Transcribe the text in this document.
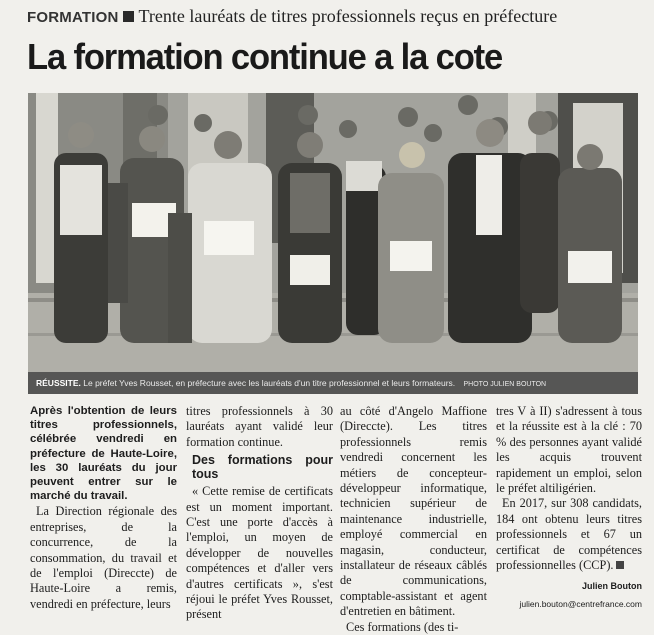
FORMATION Trente lauréats de titres professionnels reçus en préfecture
La formation continue a la cote
RÉUSSITE. Le préfet Yves Rousset, en préfecture avec les lauréats d'un titre professionnel et leurs formateurs. PHOTO JULIEN BOUTON

Après l'obtention de leurs titres professionnels, célébrée vendredi en préfecture de Haute-Loire, les 30 lauréats du jour peuvent entrer sur le marché du travail.

La Direction régionale des entreprises, de la concurrence, de la consommation, du travail et de l'emploi (Direccte) de Haute-Loire a remis, vendredi en préfecture, leurs

titres professionnels à 30 lauréats ayant validé leur formation continue.

Des formations pour tous

« Cette remise de certificats est un moment important. C'est une porte d'accès à l'emploi, un moyen de développer de nouvelles compétences et d'aller vers d'autres certificats », s'est réjoui le préfet Yves Rousset, présent

au côté d'Angelo Maffione (Direccte). Les titres professionnels remis vendredi concernent les métiers de concepteur-développeur informatique, technicien supérieur de maintenance industrielle, employé commercial en magasin, conducteur, installateur de réseaux câblés de communications, comptable-assistant et agent d'entretien en bâtiment.

Ces formations (des ti-

tres V à II) s'adressent à tous et la réussite est à la clé : 70 % des personnes ayant validé les acquis trouvent rapidement un emploi, selon le préfet altiligérien.

En 2017, sur 308 candidats, 184 ont obtenu leurs titres professionnels et 67 un certificat de compétences professionnelles (CCP).

Julien Bouton

julien.bouton@centrefrance.com
